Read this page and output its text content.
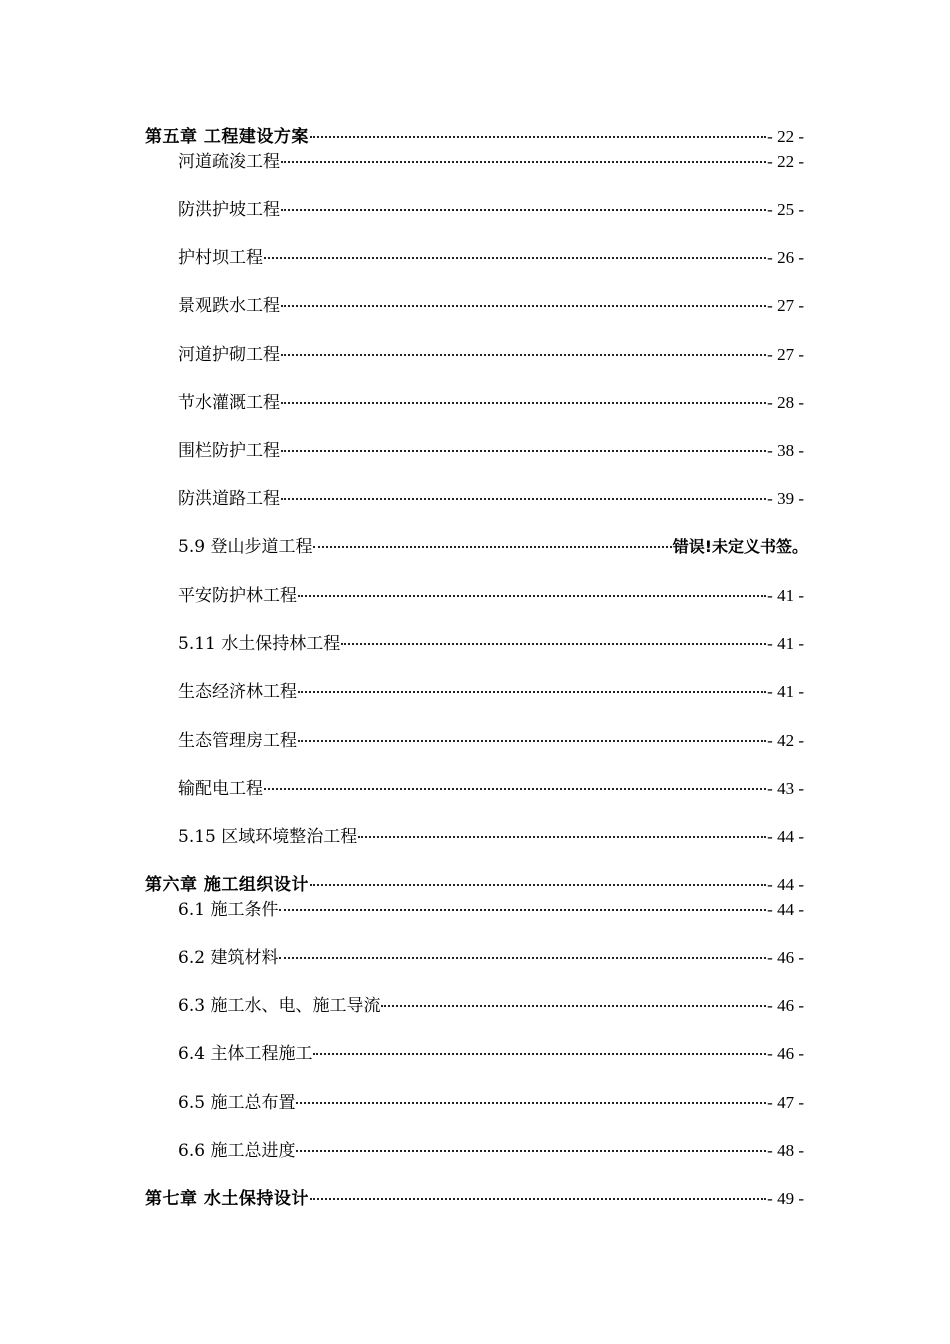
第五章 工程建设方案	- 22 -
河道疏浚工程	- 22 -
防洪护坡工程	- 25 -
护村坝工程	- 26 -
景观跌水工程	- 27 -
河道护砌工程	- 27 -
节水灌溉工程	- 28 -
围栏防护工程	- 38 -
防洪道路工程	- 39 -
5.9 登山步道工程	错误!未定义书签。
平安防护林工程	- 41 -
5.11 水土保持林工程	- 41 -
生态经济林工程	- 41 -
生态管理房工程	- 42 -
输配电工程	- 43 -
5.15 区域环境整治工程	- 44 -
第六章 施工组织设计	- 44 -
6.1 施工条件	- 44 -
6.2 建筑材料	- 46 -
6.3 施工水、电、施工导流	- 46 -
6.4 主体工程施工	- 46 -
6.5 施工总布置	- 47 -
6.6 施工总进度	- 48 -
第七章 水土保持设计	- 49 -
